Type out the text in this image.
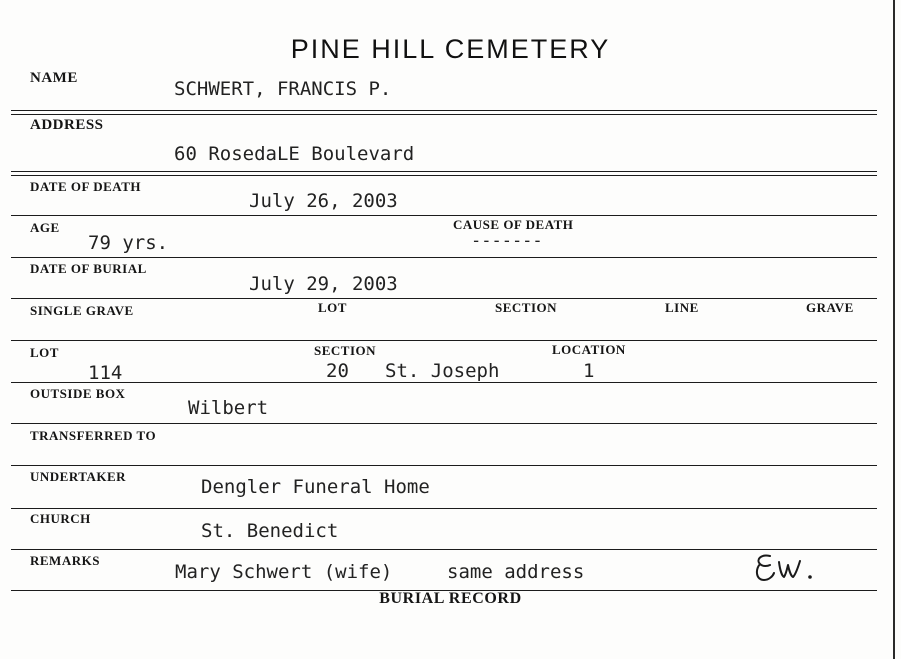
PINE HILL CEMETERY
NAME	SCHWERT, FRANCIS P.
ADDRESS
60 RosedaLE Boulevard
DATE OF DEATH
July 26, 2003
AGE
79 yrs.
CAUSE OF DEATH
-------
DATE OF BURIAL
July 29, 2003
SINGLE GRAVE	LOT	SECTION	LINE	GRAVE
LOT
114
SECTION
20 St. Joseph
LOCATION
1
OUTSIDE BOX
Wilbert
TRANSFERRED TO
UNDERTAKER	Dengler Funeral Home
CHURCH
St. Benedict
REMARKS
Mary Schwert (wife)	same address
BURIAL RECORD
